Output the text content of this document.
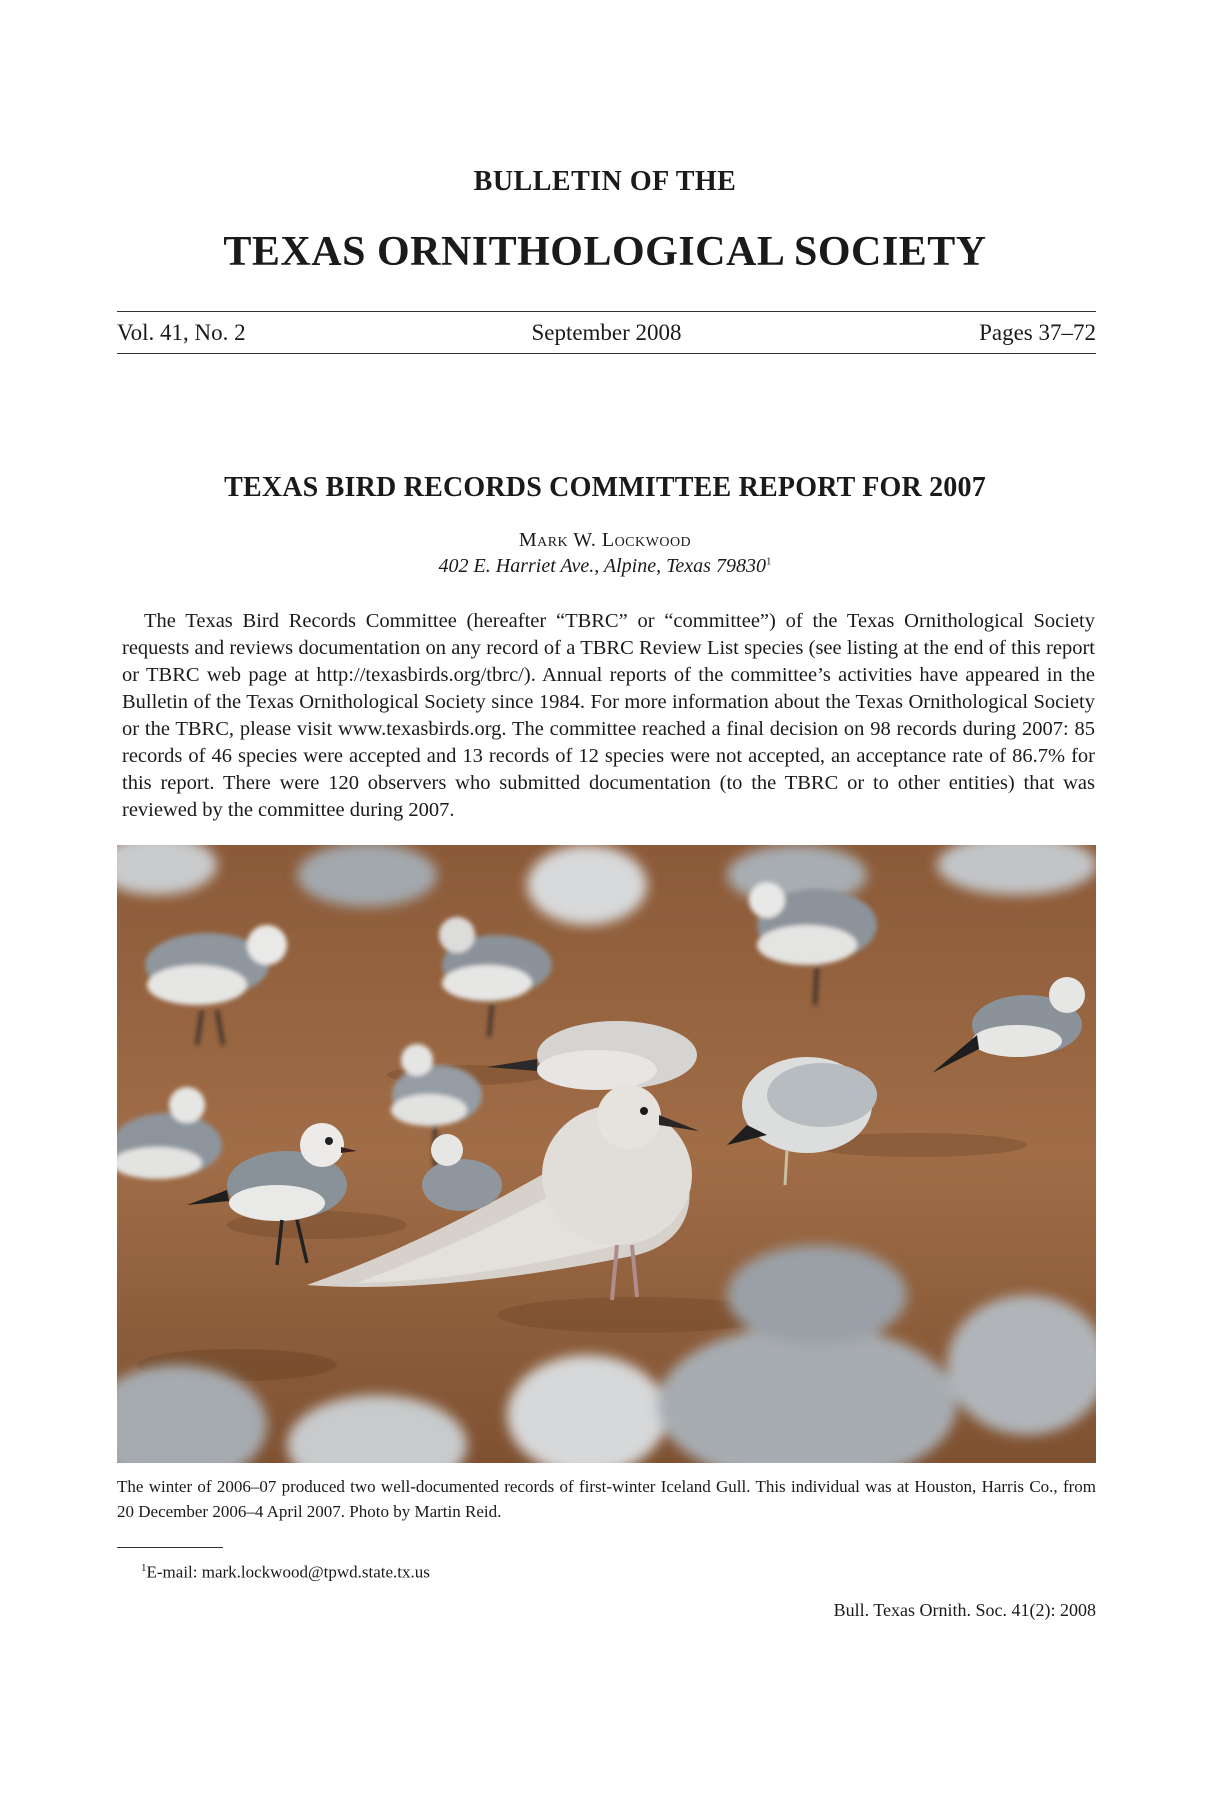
BULLETIN OF THE
TEXAS ORNITHOLOGICAL SOCIETY
Vol. 41, No. 2	September 2008	Pages 37–72
TEXAS BIRD RECORDS COMMITTEE REPORT FOR 2007
Mark W. Lockwood
402 E. Harriet Ave., Alpine, Texas 79830$^1$

The Texas Bird Records Committee (hereafter “TBRC” or “committee”) of the Texas Ornithological Society requests and reviews documentation on any record of a TBRC Review List species (see listing at the end of this report or TBRC web page at http://texasbirds.org/tbrc/). Annual reports of the committee’s activities have appeared in the Bulletin of the Texas Ornithological Society since 1984. For more information about the Texas Ornithological Society or the TBRC, please visit www.texasbirds.org. The committee reached a final decision on 98 records during 2007: 85 records of 46 species were accepted and 13 records of 12 species were not accepted, an acceptance rate of 86.7% for this report. There were 120 observers who submitted documentation (to the TBRC or to other entities) that was reviewed by the committee during 2007.

The winter of 2006–07 produced two well-documented records of first-winter Iceland Gull. This individual was at Houston, Harris Co., from 20 December 2006–4 April 2007. Photo by Martin Reid.

$^1$E-mail: mark.lockwood@tpwd.state.tx.us
Bull. Texas Ornith. Soc. 41(2): 2008
